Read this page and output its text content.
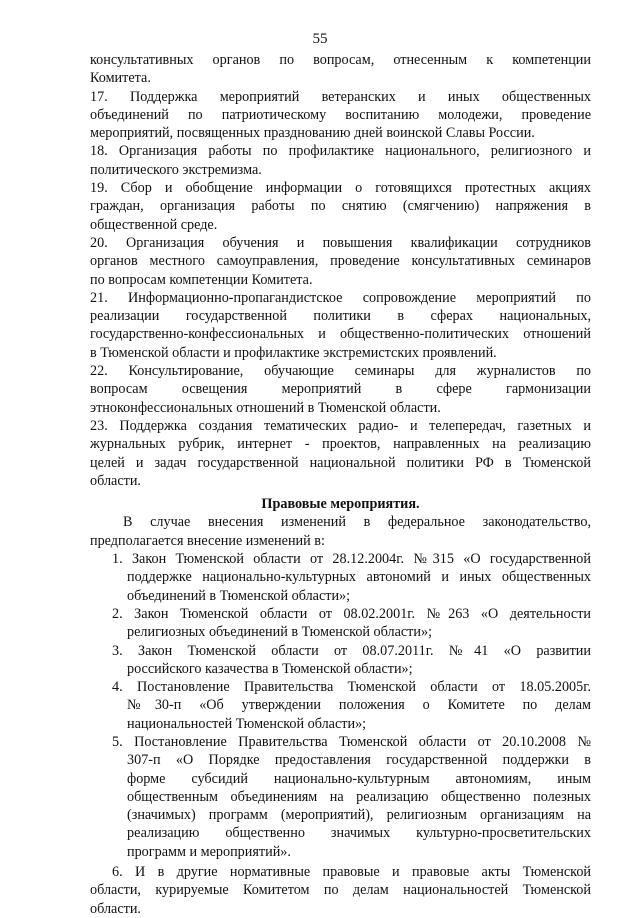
55
консультативных органов по вопросам, отнесенным к компетенции
Комитета.
17. Поддержка мероприятий ветеранских и иных общественных
объединений по патриотическому воспитанию молодежи, проведение
мероприятий, посвященных празднованию дней воинской Славы России.
18. Организация работы по профилактике национального, религиозного и
политического экстремизма.
19. Сбор и обобщение информации о готовящихся протестных акциях
граждан, организация работы по снятию (смягчению) напряжения в
общественной среде.
20. Организация обучения и повышения квалификации сотрудников
органов местного самоуправления, проведение консультативных семинаров
по вопросам компетенции Комитета.
21. Информационно-пропагандистское сопровождение мероприятий по
реализации государственной политики в сферах национальных,
государственно-конфессиональных и общественно-политических отношений
в Тюменской области и профилактике экстремистских проявлений.
22. Консультирование, обучающие семинары для журналистов по
вопросам освещения мероприятий в сфере гармонизации
этноконфессиональных отношений в Тюменской области.
23. Поддержка создания тематических радио- и телепередач, газетных и
журнальных рубрик, интернет - проектов, направленных на реализацию
целей и задач государственной национальной политики РФ в Тюменской
области.
Правовые мероприятия.
В случае внесения изменений в федеральное законодательство,
предполагается внесение изменений в:
1. Закон Тюменской области от 28.12.2004г. №315 «О государственной
поддержке национально-культурных автономий и иных общественных
объединений в Тюменской области»;
2. Закон Тюменской области от 08.02.2001г. №263 «О деятельности
религиозных объединений в Тюменской области»;
3. Закон Тюменской области от 08.07.2011г. №41 «О развитии
российского казачества в Тюменской области»;
4. Постановление Правительства Тюменской области от 18.05.2005г.
№30-п «Об утверждении положения о Комитете по делам
национальностей Тюменской области»;
5. Постановление Правительства Тюменской области от 20.10.2008 №
307-п «О Порядке предоставления государственной поддержки в
форме субсидий национально-культурным автономиям, иным
общественным объединениям на реализацию общественно полезных
(значимых) программ (мероприятий), религиозным организациям на
реализацию общественно значимых культурно-просветительских
программ и мероприятий».
6. И в другие нормативные правовые и правовые акты Тюменской
области, курируемые Комитетом по делам национальностей Тюменской
области.
